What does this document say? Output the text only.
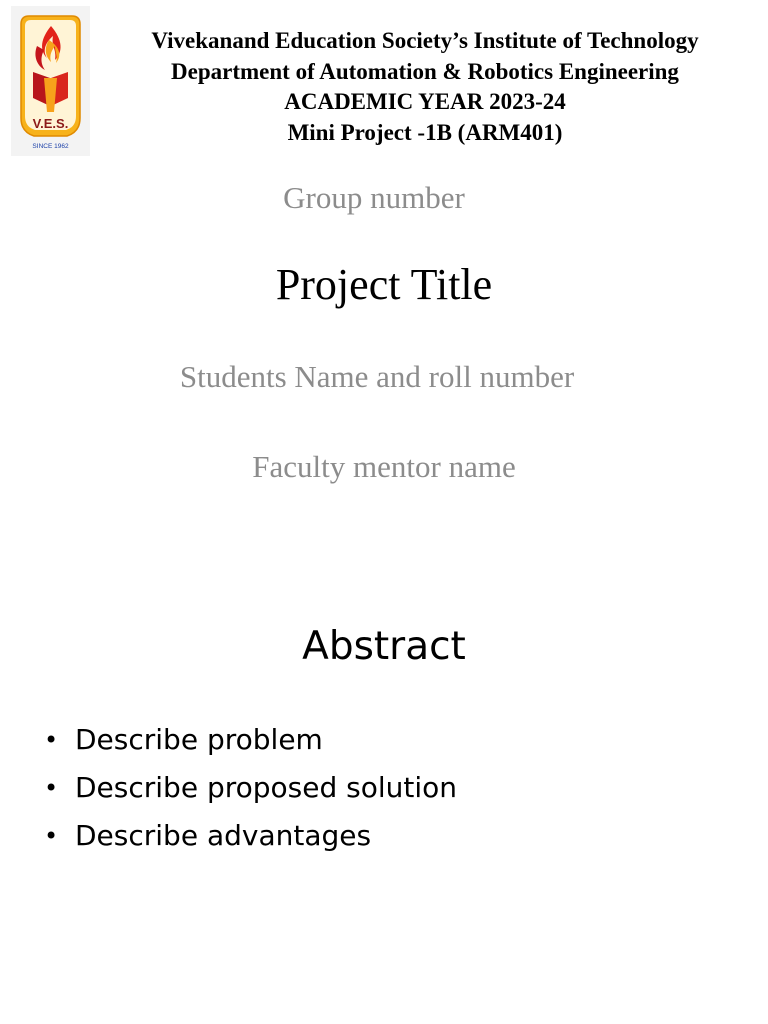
V.E.S.
SINCE 1962
Vivekanand Education Society’s Institute of Technology
Department of Automation & Robotics Engineering
ACADEMIC YEAR 2023-24
Mini Project -1B (ARM401)
Group number
Project Title
Students Name and roll number
Faculty mentor name
Abstract
• Describe problem
• Describe proposed solution
• Describe advantages
